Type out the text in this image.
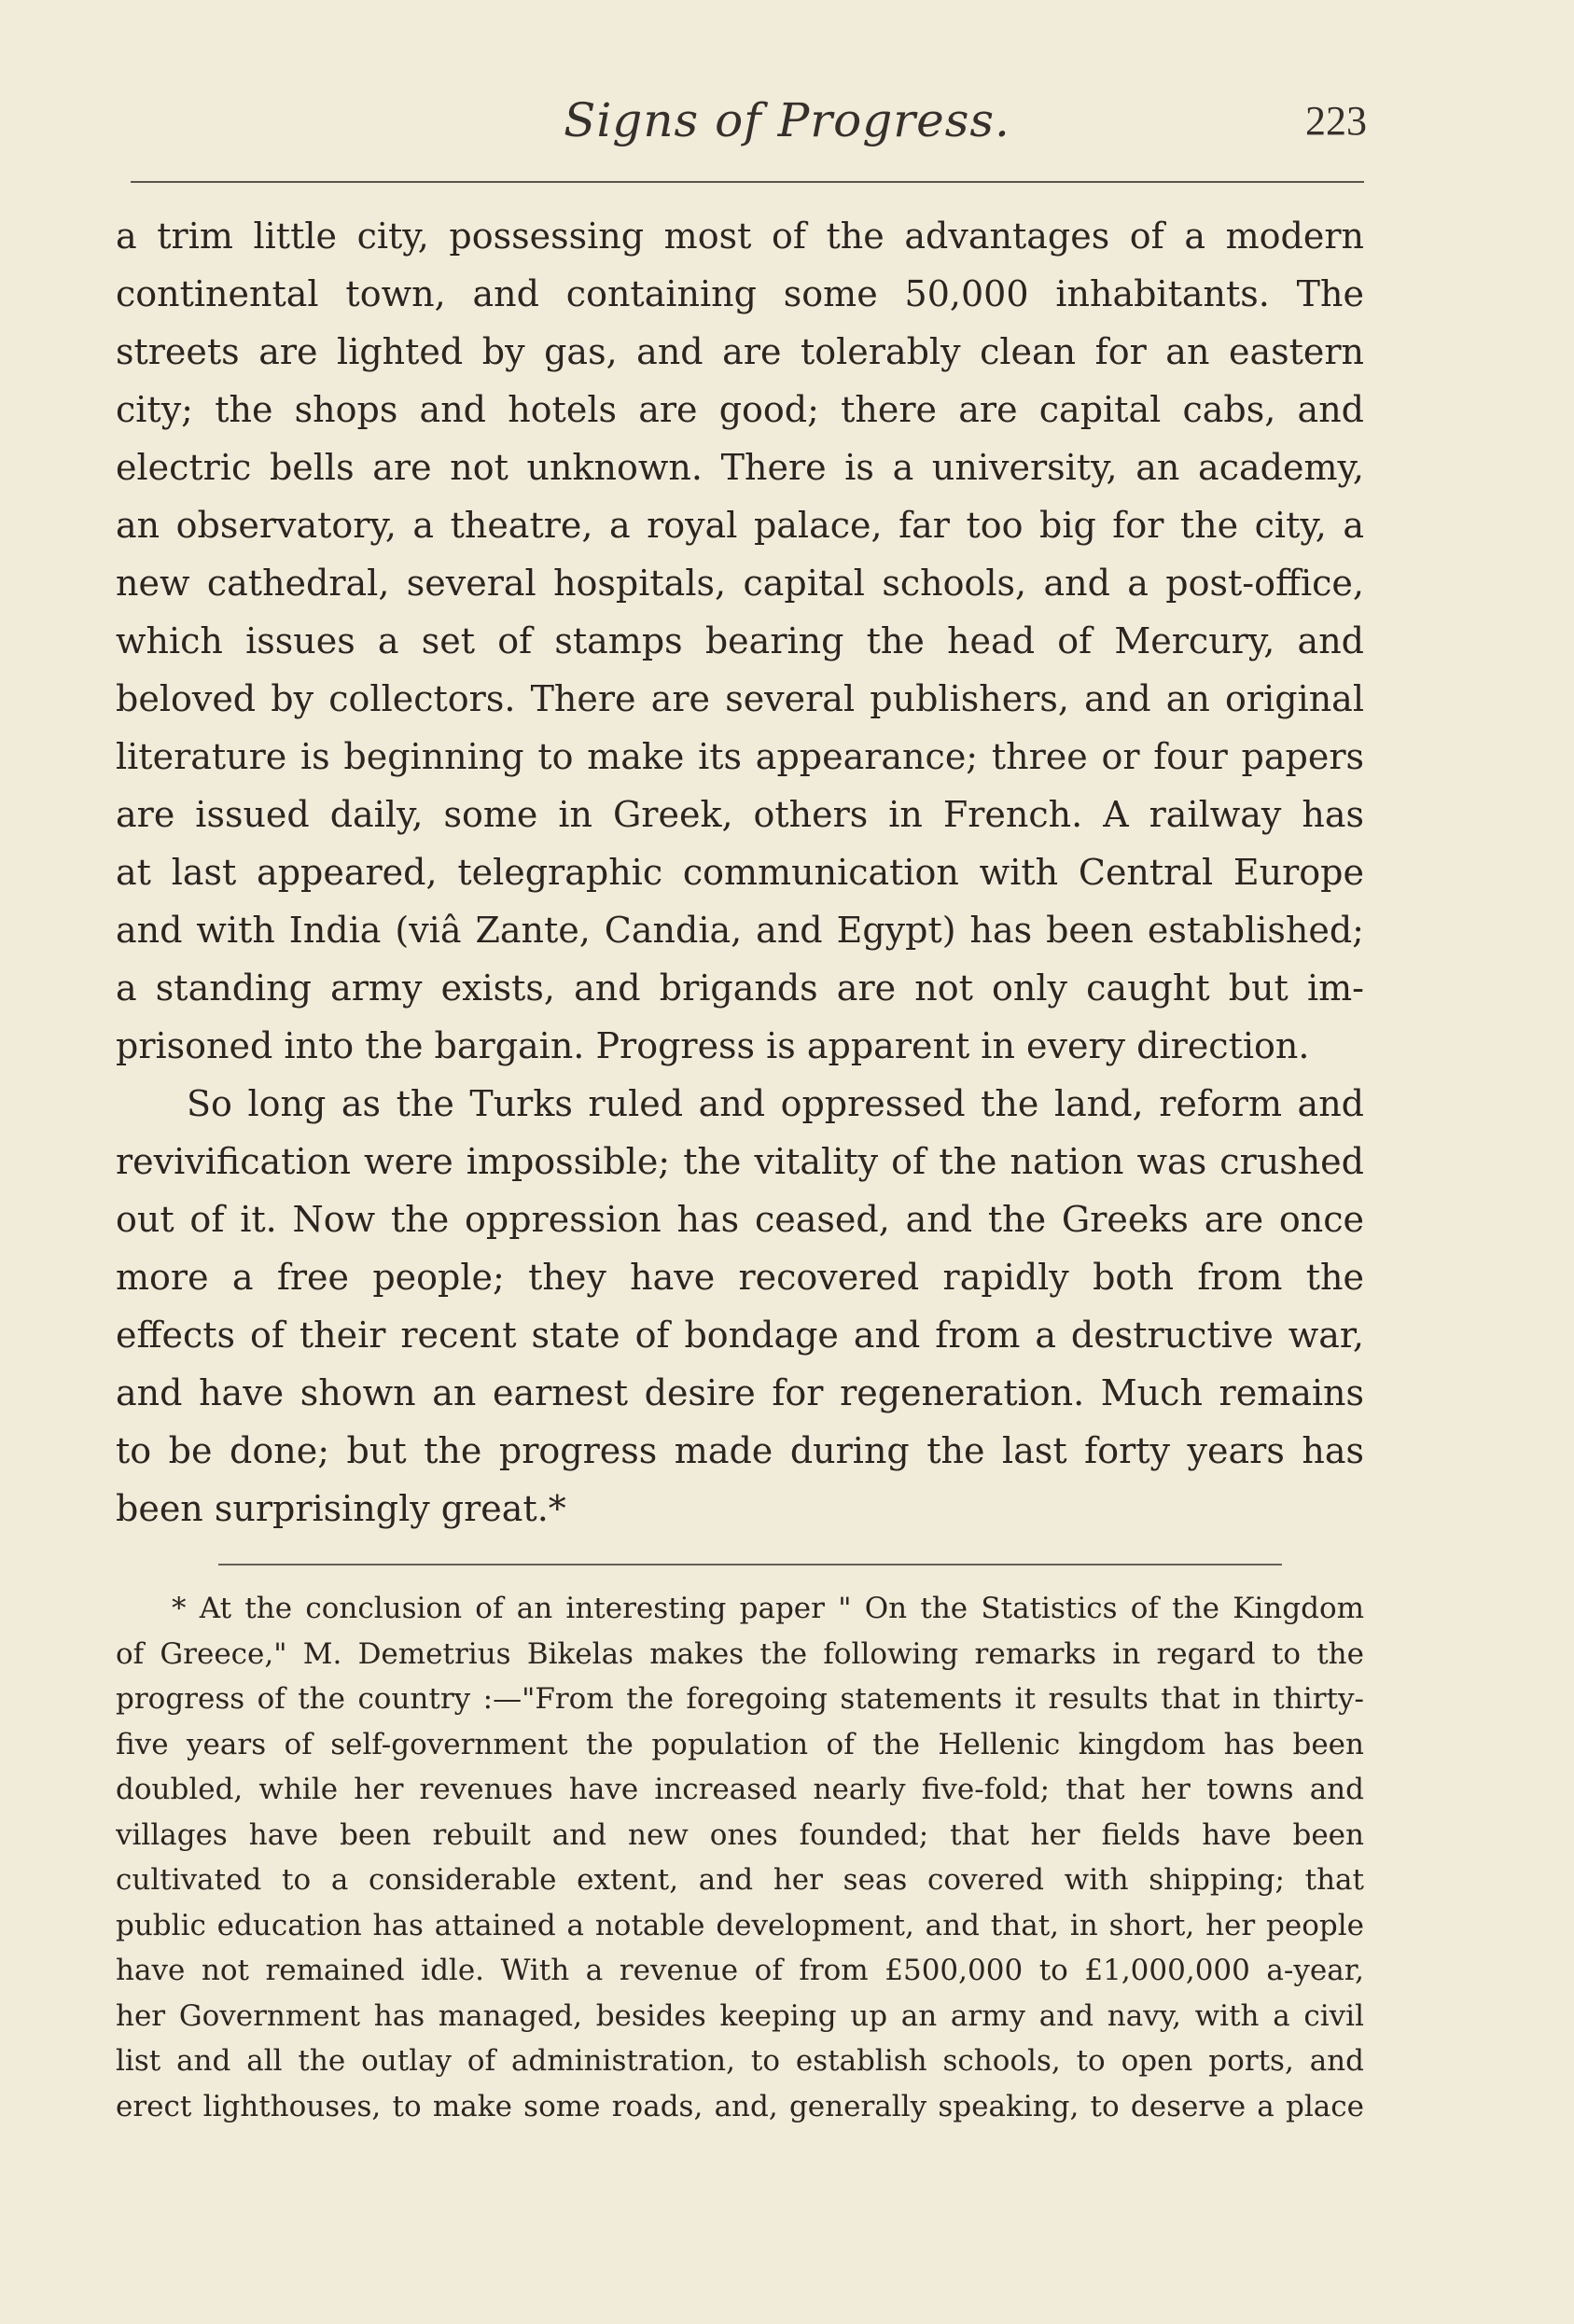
Signs of Progress.	223
a trim little city, possessing most of the advantages of a modern
continental town, and containing some 50,000 inhabitants. The
streets are lighted by gas, and are tolerably clean for an eastern
city; the shops and hotels are good; there are capital cabs, and
electric bells are not unknown. There is a university, an academy,
an observatory, a theatre, a royal palace, far too big for the city, a
new cathedral, several hospitals, capital schools, and a post-office,
which issues a set of stamps bearing the head of Mercury, and
beloved by collectors. There are several publishers, and an original
literature is beginning to make its appearance; three or four papers
are issued daily, some in Greek, others in French. A railway has
at last appeared, telegraphic communication with Central Europe
and with India (viâ Zante, Candia, and Egypt) has been established;
a standing army exists, and brigands are not only caught but im-
prisoned into the bargain. Progress is apparent in every direction.
So long as the Turks ruled and oppressed the land, reform and
revivification were impossible; the vitality of the nation was crushed
out of it. Now the oppression has ceased, and the Greeks are once
more a free people; they have recovered rapidly both from the
effects of their recent state of bondage and from a destructive war,
and have shown an earnest desire for regeneration. Much remains
to be done; but the progress made during the last forty years has
been surprisingly great.*
* At the conclusion of an interesting paper " On the Statistics of the Kingdom
of Greece," M. Demetrius Bikelas makes the following remarks in regard to the
progress of the country :—"From the foregoing statements it results that in thirty-
five years of self-government the population of the Hellenic kingdom has been
doubled, while her revenues have increased nearly five-fold; that her towns and
villages have been rebuilt and new ones founded; that her fields have been
cultivated to a considerable extent, and her seas covered with shipping; that
public education has attained a notable development, and that, in short, her people
have not remained idle. With a revenue of from £500,000 to £1,000,000 a-year,
her Government has managed, besides keeping up an army and navy, with a civil
list and all the outlay of administration, to establish schools, to open ports, and
erect lighthouses, to make some roads, and, generally speaking, to deserve a place
